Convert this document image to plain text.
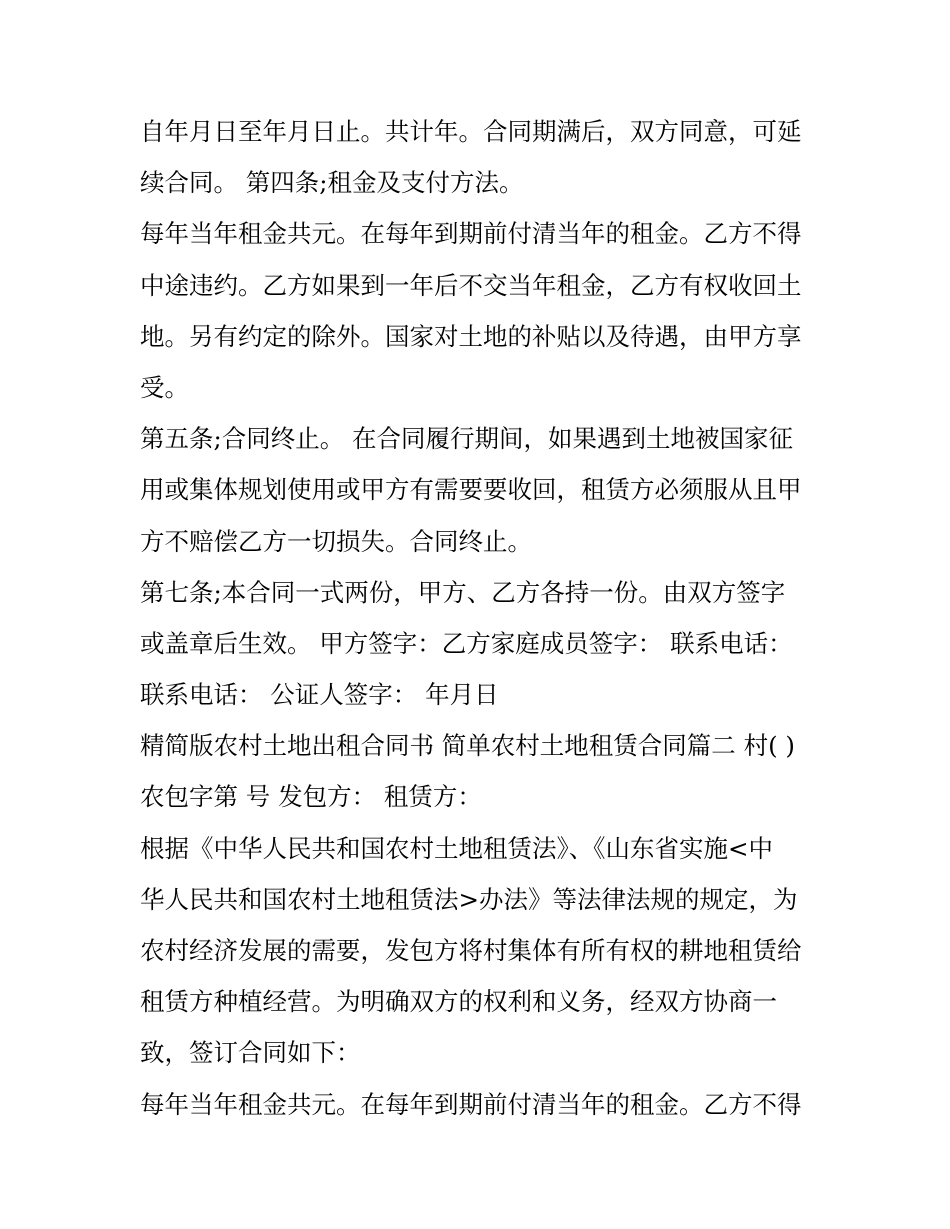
自年月日至年月日止。共计年。合同期满后，双方同意，可延
续合同。 第四条;租金及支付方法。
每年当年租金共元。在每年到期前付清当年的租金。乙方不得
中途违约。乙方如果到一年后不交当年租金，乙方有权收回土
地。另有约定的除外。国家对土地的补贴以及待遇，由甲方享
受。
第五条;合同终止。 在合同履行期间，如果遇到土地被国家征
用或集体规划使用或甲方有需要要收回，租赁方必须服从且甲
方不赔偿乙方一切损失。合同终止。
第七条;本合同一式两份，甲方、乙方各持一份。由双方签字
或盖章后生效。 甲方签字：乙方家庭成员签字： 联系电话：
联系电话： 公证人签字： 年月日
精简版农村土地出租合同书 简单农村土地租赁合同篇二 村( )
农包字第 号 发包方： 租赁方：
根据《中华人民共和国农村土地租赁法》、《山东省实施<中
华人民共和国农村土地租赁法>办法》等法律法规的规定，为
农村经济发展的需要，发包方将村集体有所有权的耕地租赁给
租赁方种植经营。为明确双方的权利和义务，经双方协商一
致，签订合同如下：
每年当年租金共元。在每年到期前付清当年的租金。乙方不得
